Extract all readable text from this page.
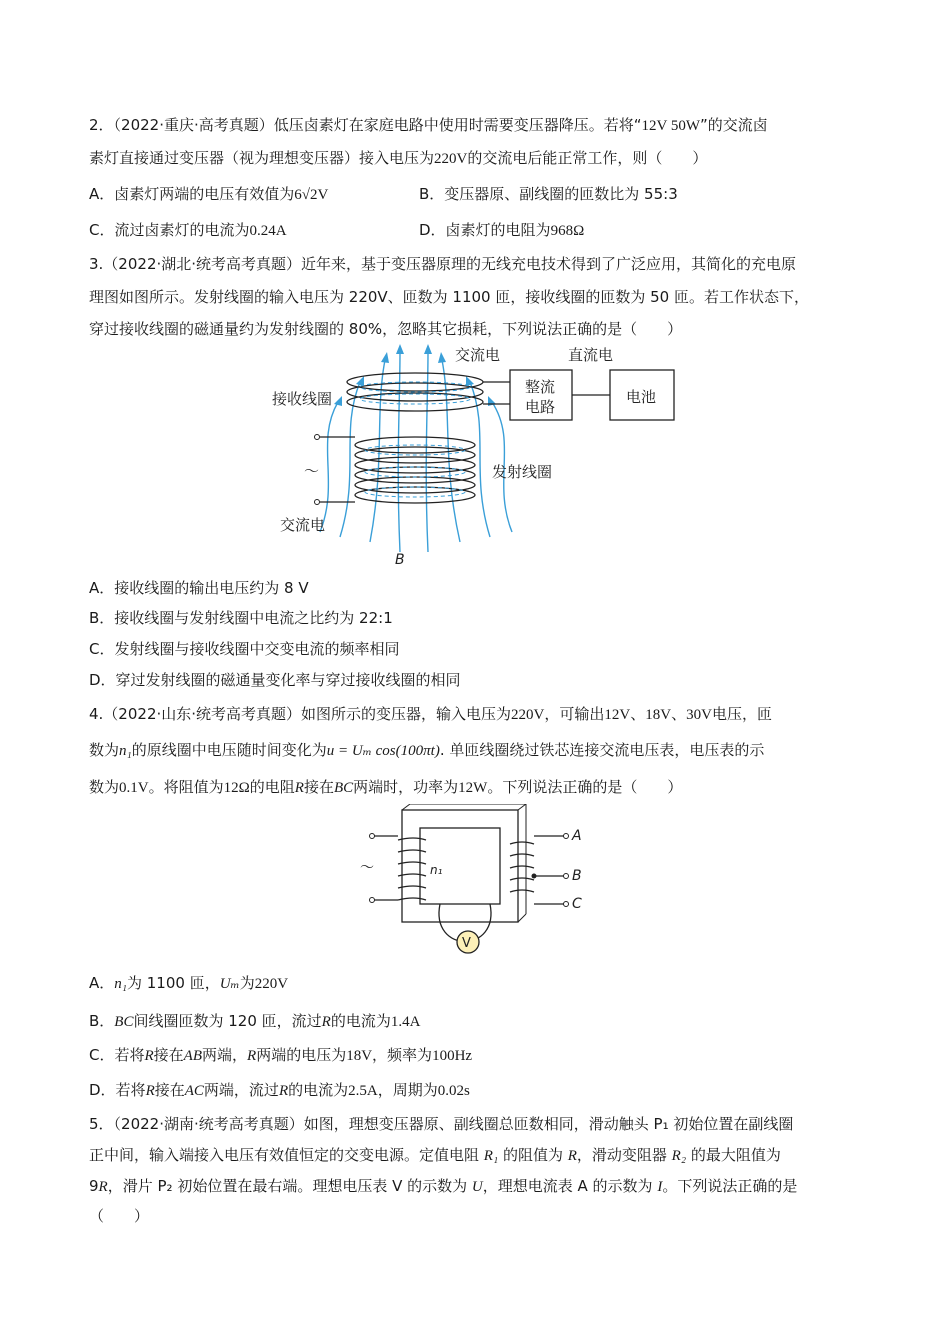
2．（2022·重庆·高考真题）低压卤素灯在家庭电路中使用时需要变压器降压。若将“12V 50W”的交流卤
素灯直接通过变压器（视为理想变压器）接入电压为220V的交流电后能正常工作，则（　　）
A．卤素灯两端的电压有效值为6√2V	B．变压器原、副线圈的匝数比为 55:3
C．流过卤素灯的电流为0.24A	D．卤素灯的电阻为968Ω
3.（2022·湖北·统考高考真题）近年来，基于变压器原理的无线充电技术得到了广泛应用，其简化的充电原
理图如图所示。发射线圈的输入电压为 220V、匝数为 1100 匝，接收线圈的匝数为 50 匝。若工作状态下，
穿过接收线圈的磁通量约为发射线圈的 80%，忽略其它损耗，下列说法正确的是（　　）
交流电	直流电
接收线圈
整流
电路
电池
～	发射线圈
交流电
B
A．接收线圈的输出电压约为 8 V
B．接收线圈与发射线圈中电流之比约为 22:1
C．发射线圈与接收线圈中交变电流的频率相同
D．穿过发射线圈的磁通量变化率与穿过接收线圈的相同
4.（2022·山东·统考高考真题）如图所示的变压器，输入电压为220V，可输出12V、18V、30V电压，匝
数为n₁的原线圈中电压随时间变化为u = Uₘ cos(100πt). 单匝线圈绕过铁芯连接交流电压表，电压表的示
数为0.1V。将阻值为12Ω的电阻R接在BC两端时，功率为12W。下列说法正确的是（　　）
V
n₁
～
A
B
C
A．n₁为 1100 匝，Uₘ为220V
B．BC间线圈匝数为 120 匝，流过R的电流为1.4A
C．若将R接在AB两端，R两端的电压为18V，频率为100Hz
D．若将R接在AC两端，流过R的电流为2.5A，周期为0.02s
5．（2022·湖南·统考高考真题）如图，理想变压器原、副线圈总匝数相同，滑动触头 P₁ 初始位置在副线圈
正中间，输入端接入电压有效值恒定的交变电源。定值电阻 R₁ 的阻值为 R，滑动变阻器 R₂ 的最大阻值为
9R，滑片 P₂ 初始位置在最右端。理想电压表 V 的示数为 U，理想电流表 A 的示数为 I。下列说法正确的是
（　　）
